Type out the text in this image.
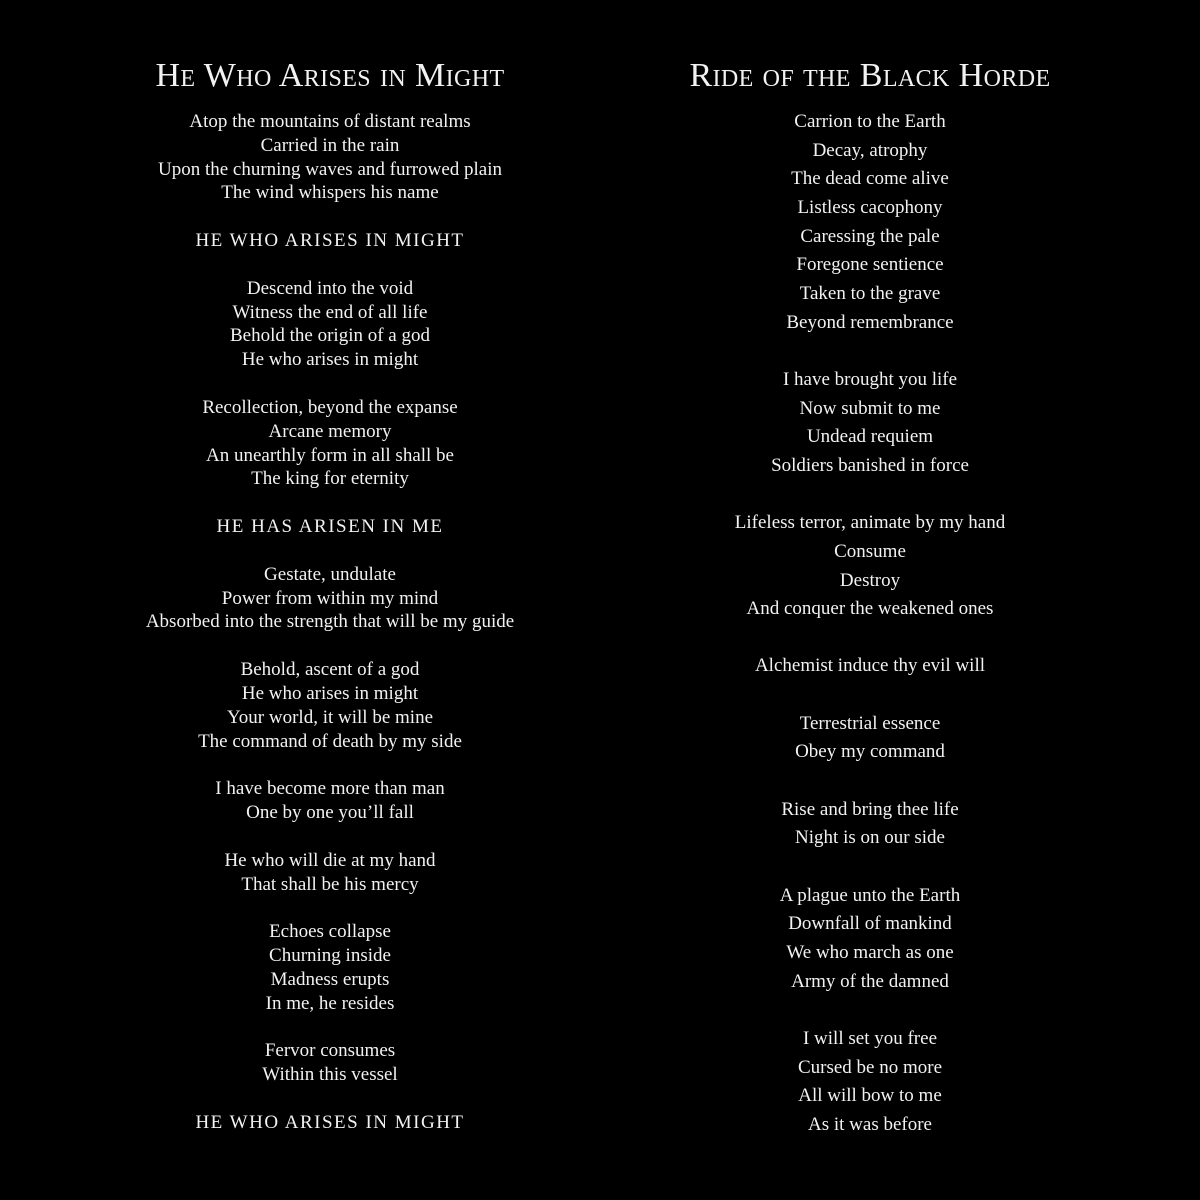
He Who Arises in Might
Atop the mountains of distant realms
Carried in the rain
Upon the churning waves and furrowed plain
The wind whispers his name
HE WHO ARISES IN MIGHT
Descend into the void
Witness the end of all life
Behold the origin of a god
He who arises in might
Recollection, beyond the expanse
Arcane memory
An unearthly form in all shall be
The king for eternity
HE HAS ARISEN IN ME
Gestate, undulate
Power from within my mind
Absorbed into the strength that will be my guide
Behold, ascent of a god
He who arises in might
Your world, it will be mine
The command of death by my side
I have become more than man
One by one you’ll fall
He who will die at my hand
That shall be his mercy
Echoes collapse
Churning inside
Madness erupts
In me, he resides
Fervor consumes
Within this vessel
HE WHO ARISES IN MIGHT
Ride of the Black Horde
Carrion to the Earth
Decay, atrophy
The dead come alive
Listless cacophony
Caressing the pale
Foregone sentience
Taken to the grave
Beyond remembrance
I have brought you life
Now submit to me
Undead requiem
Soldiers banished in force
Lifeless terror, animate by my hand
Consume
Destroy
And conquer the weakened ones
Alchemist induce thy evil will
Terrestrial essence
Obey my command
Rise and bring thee life
Night is on our side
A plague unto the Earth
Downfall of mankind
We who march as one
Army of the damned
I will set you free
Cursed be no more
All will bow to me
As it was before
